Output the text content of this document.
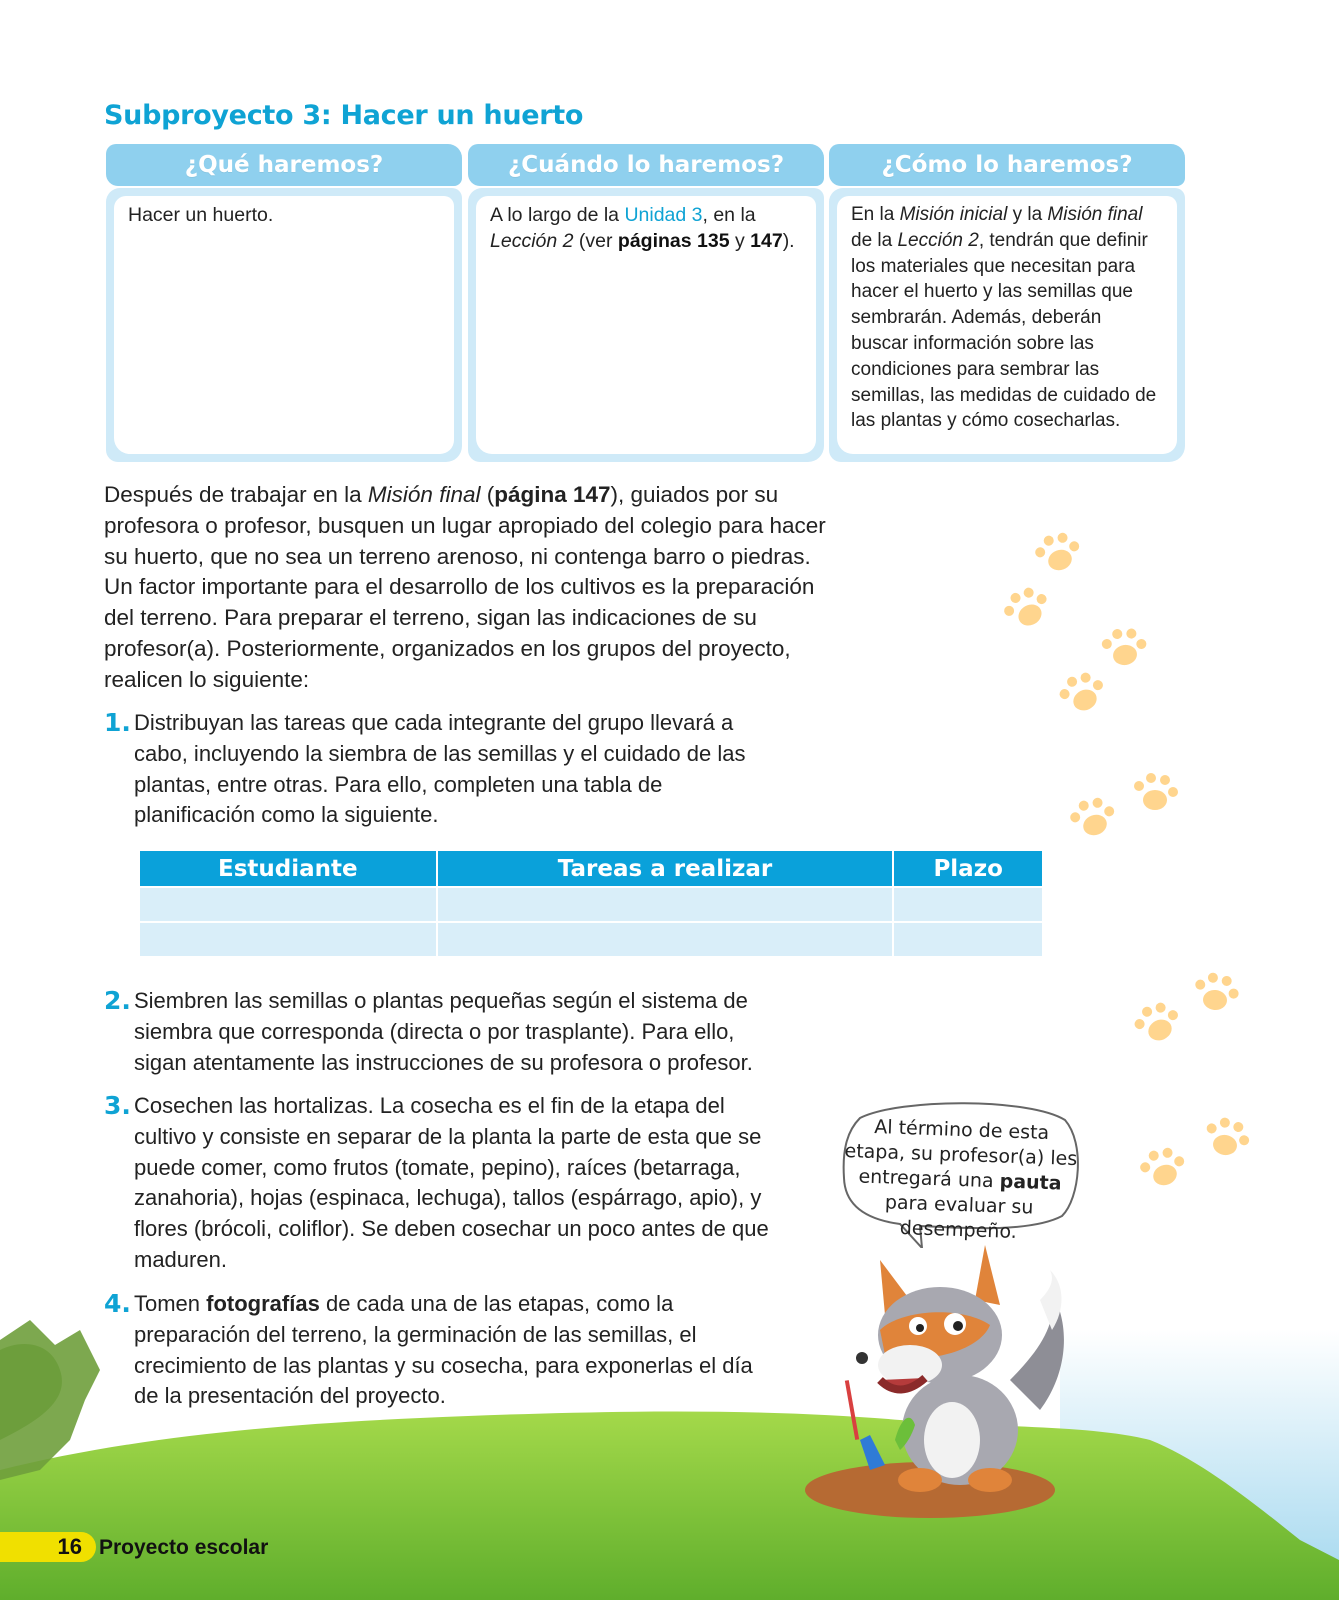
Subproyecto 3: Hacer un huerto
¿Qué haremos?
Hacer un huerto.
¿Cuándo lo haremos?
A lo largo de la Unidad 3, en la Lección 2 (ver páginas 135 y 147).
¿Cómo lo haremos?
En la Misión inicial y la Misión final de la Lección 2, tendrán que definir los materiales que necesitan para hacer el huerto y las semillas que sembrarán. Además, deberán buscar información sobre las condiciones para sembrar las semillas, las medidas de cuidado de las plantas y cómo cosecharlas.
Después de trabajar en la Misión final (página 147), guiados por su profesora o profesor, busquen un lugar apropiado del colegio para hacer su huerto, que no sea un terreno arenoso, ni contenga barro o piedras. Un factor importante para el desarrollo de los cultivos es la preparación del terreno. Para preparar el terreno, sigan las indicaciones de su profesor(a). Posteriormente, organizados en los grupos del proyecto, realicen lo siguiente:
1. Distribuyan las tareas que cada integrante del grupo llevará a cabo, incluyendo la siembra de las semillas y el cuidado de las plantas, entre otras. Para ello, completen una tabla de planificación como la siguiente.
Estudiante	Tareas a realizar	Plazo

2. Siembren las semillas o plantas pequeñas según el sistema de siembra que corresponda (directa o por trasplante). Para ello, sigan atentamente las instrucciones de su profesora o profesor.
3. Cosechen las hortalizas. La cosecha es el fin de la etapa del cultivo y consiste en separar de la planta la parte de esta que se puede comer, como frutos (tomate, pepino), raíces (betarraga, zanahoria), hojas (espinaca, lechuga), tallos (espárrago, apio), y flores (brócoli, coliflor). Se deben cosechar un poco antes de que maduren.
4. Tomen fotografías de cada una de las etapas, como la preparación del terreno, la germinación de las semillas, el crecimiento de las plantas y su cosecha, para exponerlas el día de la presentación del proyecto.
Al término de esta etapa, su profesor(a) les entregará una pauta para evaluar su desempeño.
16 Proyecto escolar
